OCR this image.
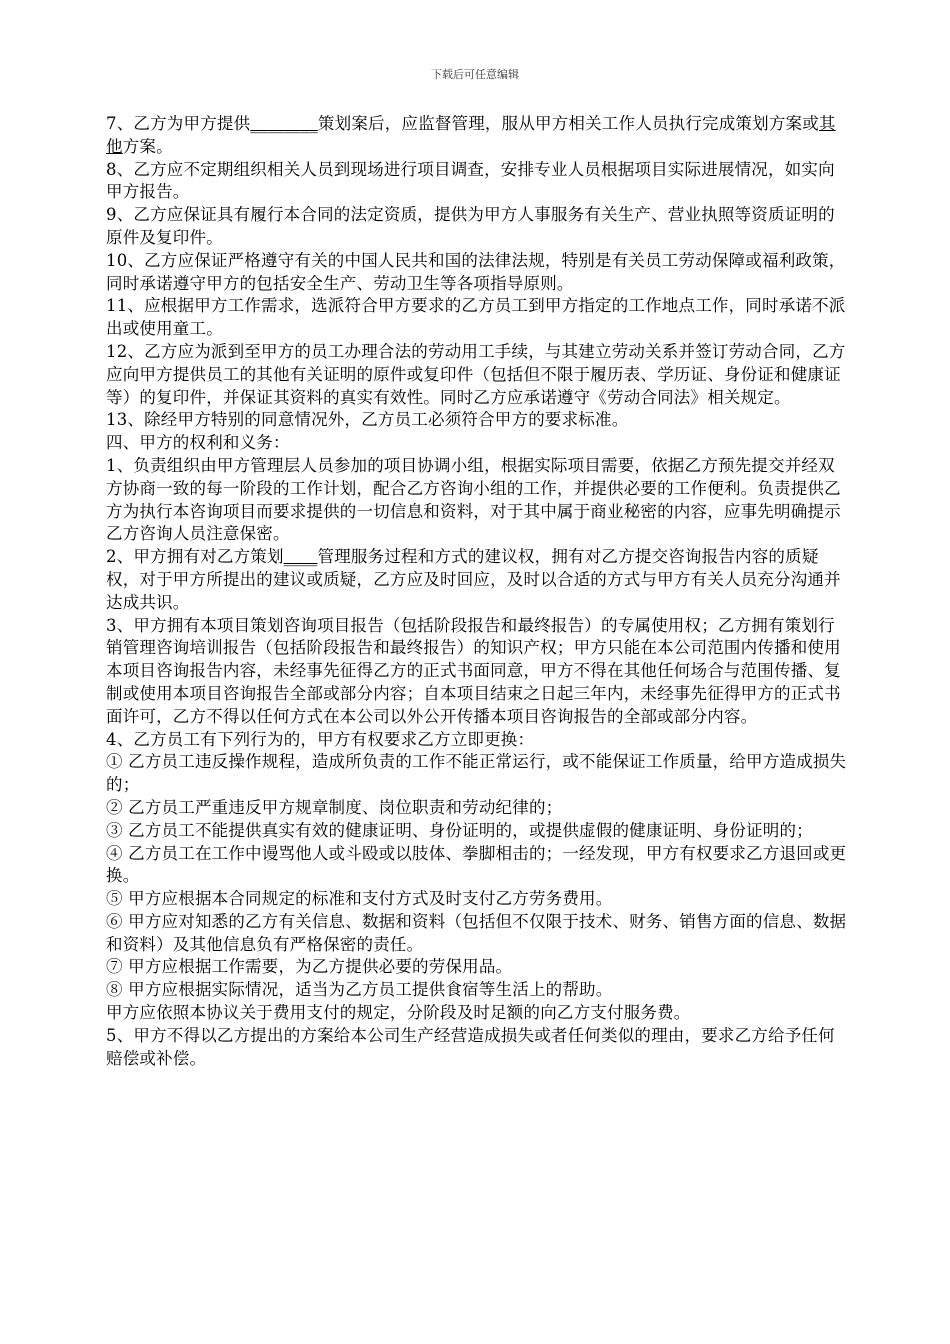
下载后可任意编辑

7、乙方为甲方提供________策划案后，应监督管理，服从甲方相关工作人员执行完成策划方案或其他方案。

8、乙方应不定期组织相关人员到现场进行项目调查，安排专业人员根据项目实际进展情况，如实向甲方报告。

9、乙方应保证具有履行本合同的法定资质，提供为甲方人事服务有关生产、营业执照等资质证明的原件及复印件。

10、乙方应保证严格遵守有关的中国人民共和国的法律法规，特别是有关员工劳动保障或福利政策，同时承诺遵守甲方的包括安全生产、劳动卫生等各项指导原则。

11、应根据甲方工作需求，选派符合甲方要求的乙方员工到甲方指定的工作地点工作，同时承诺不派出或使用童工。

12、乙方应为派到至甲方的员工办理合法的劳动用工手续，与其建立劳动关系并签订劳动合同，乙方应向甲方提供员工的其他有关证明的原件或复印件（包括但不限于履历表、学历证、身份证和健康证等）的复印件，并保证其资料的真实有效性。同时乙方应承诺遵守《劳动合同法》相关规定。

13、除经甲方特别的同意情况外，乙方员工必须符合甲方的要求标准。

四、甲方的权利和义务：

1、负责组织由甲方管理层人员参加的项目协调小组，根据实际项目需要，依据乙方预先提交并经双方协商一致的每一阶段的工作计划，配合乙方咨询小组的工作，并提供必要的工作便利。负责提供乙方为执行本咨询项目而要求提供的一切信息和资料，对于其中属于商业秘密的内容，应事先明确提示乙方咨询人员注意保密。

2、甲方拥有对乙方策划____管理服务过程和方式的建议权，拥有对乙方提交咨询报告内容的质疑权，对于甲方所提出的建议或质疑，乙方应及时回应，及时以合适的方式与甲方有关人员充分沟通并达成共识。

3、甲方拥有本项目策划咨询项目报告（包括阶段报告和最终报告）的专属使用权；乙方拥有策划行销管理咨询培训报告（包括阶段报告和最终报告）的知识产权；甲方只能在本公司范围内传播和使用本项目咨询报告内容，未经事先征得乙方的正式书面同意，甲方不得在其他任何场合与范围传播、复制或使用本项目咨询报告全部或部分内容；自本项目结束之日起三年内，未经事先征得甲方的正式书面许可，乙方不得以任何方式在本公司以外公开传播本项目咨询报告的全部或部分内容。

4、乙方员工有下列行为的，甲方有权要求乙方立即更换：

① 乙方员工违反操作规程，造成所负责的工作不能正常运行，或不能保证工作质量，给甲方造成损失的；

② 乙方员工严重违反甲方规章制度、岗位职责和劳动纪律的；

③ 乙方员工不能提供真实有效的健康证明、身份证明的，或提供虚假的健康证明、身份证明的；

④ 乙方员工在工作中谩骂他人或斗殴或以肢体、拳脚相击的；一经发现，甲方有权要求乙方退回或更换。

⑤ 甲方应根据本合同规定的标准和支付方式及时支付乙方劳务费用。

⑥ 甲方应对知悉的乙方有关信息、数据和资料（包括但不仅限于技术、财务、销售方面的信息、数据和资料）及其他信息负有严格保密的责任。

⑦ 甲方应根据工作需要，为乙方提供必要的劳保用品。

⑧ 甲方应根据实际情况，适当为乙方员工提供食宿等生活上的帮助。

甲方应依照本协议关于费用支付的规定，分阶段及时足额的向乙方支付服务费。

5、甲方不得以乙方提出的方案给本公司生产经营造成损失或者任何类似的理由，要求乙方给予任何赔偿或补偿。
